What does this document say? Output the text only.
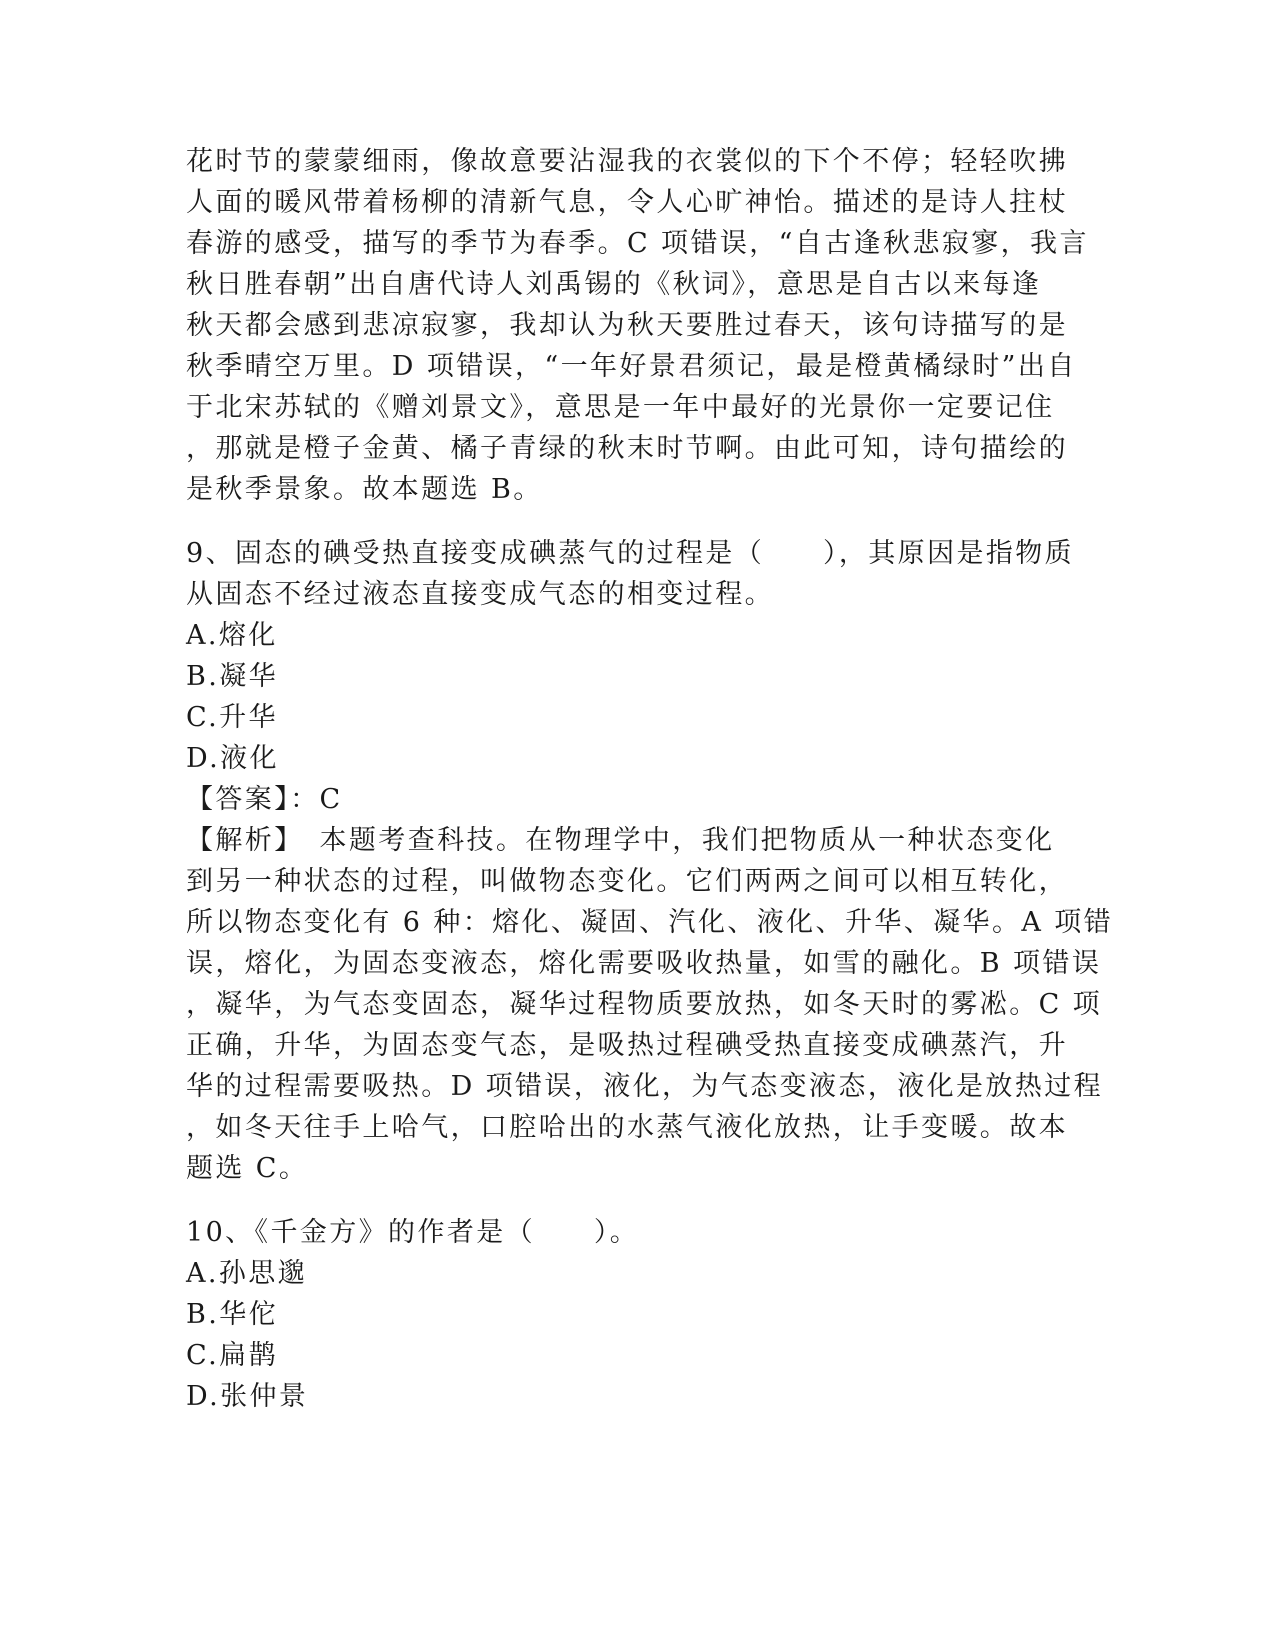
花时节的蒙蒙细雨，像故意要沾湿我的衣裳似的下个不停；轻轻吹拂
人面的暖风带着杨柳的清新气息，令人心旷神怡。描述的是诗人拄杖
春游的感受，描写的季节为春季。C 项错误，“自古逢秋悲寂寥，我言
秋日胜春朝”出自唐代诗人刘禹锡的《秋词》，意思是自古以来每逢
秋天都会感到悲凉寂寥，我却认为秋天要胜过春天，该句诗描写的是
秋季晴空万里。D 项错误，“一年好景君须记，最是橙黄橘绿时”出自
于北宋苏轼的《赠刘景文》，意思是一年中最好的光景你一定要记住
，那就是橙子金黄、橘子青绿的秋末时节啊。由此可知，诗句描绘的
是秋季景象。故本题选 B。
9、固态的碘受热直接变成碘蒸气的过程是（　　），其原因是指物质
从固态不经过液态直接变成气态的相变过程。
A.熔化
B.凝华
C.升华
D.液化
【答案】：C
【解析】　本题考查科技。在物理学中，我们把物质从一种状态变化
到另一种状态的过程，叫做物态变化。它们两两之间可以相互转化，
所以物态变化有 6 种：熔化、凝固、汽化、液化、升华、凝华。A 项错
误，熔化，为固态变液态，熔化需要吸收热量，如雪的融化。B 项错误
，凝华，为气态变固态，凝华过程物质要放热，如冬天时的雾凇。C 项
正确，升华，为固态变气态，是吸热过程碘受热直接变成碘蒸汽，升
华的过程需要吸热。D 项错误，液化，为气态变液态，液化是放热过程
，如冬天往手上哈气，口腔哈出的水蒸气液化放热，让手变暖。故本
题选 C。
10、《千金方》的作者是（　　）。
A.孙思邈
B.华佗
C.扁鹊
D.张仲景
